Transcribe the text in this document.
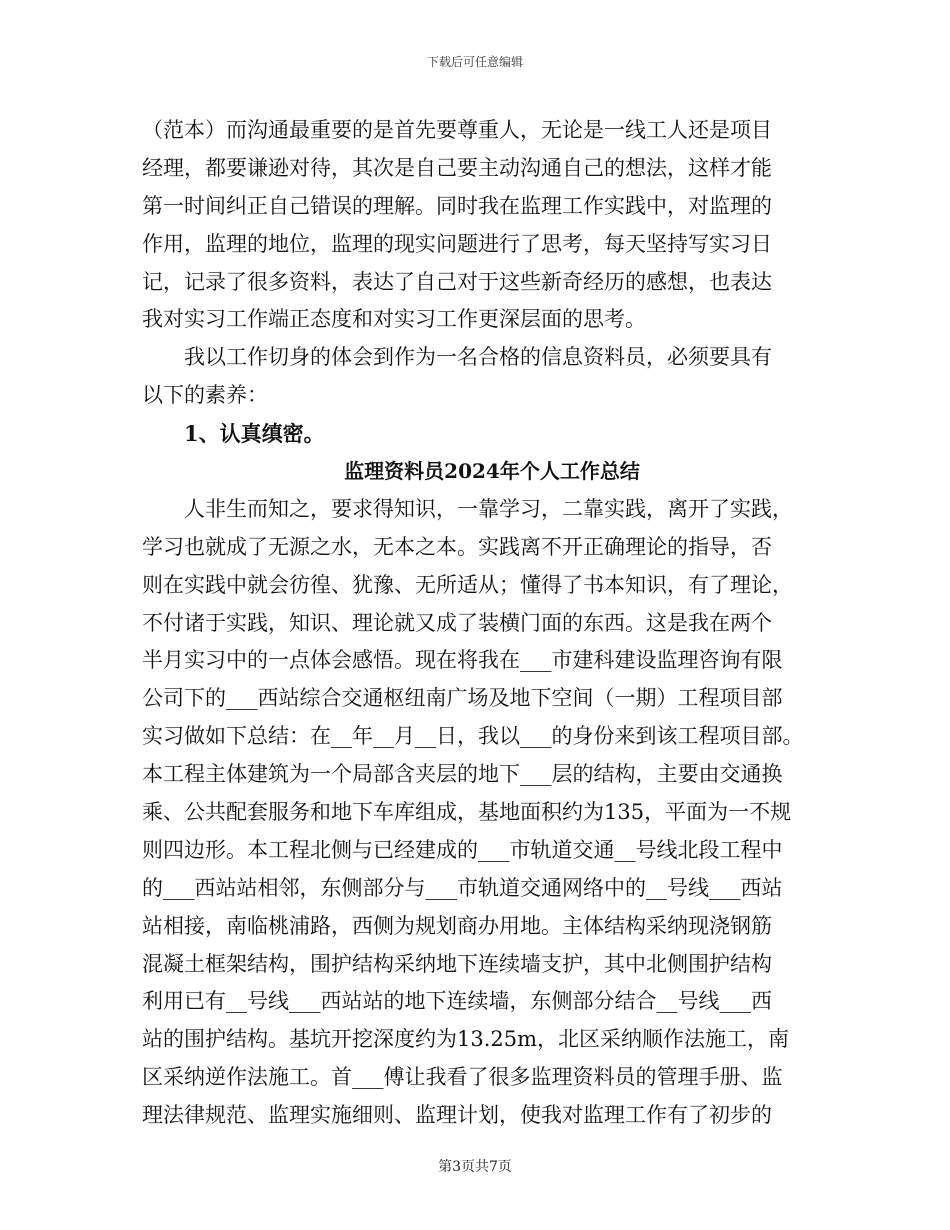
下载后可任意编辑
（范本）而沟通最重要的是首先要尊重人，无论是一线工人还是项目
经理，都要谦逊对待，其次是自己要主动沟通自己的想法，这样才能
第一时间纠正自己错误的理解。同时我在监理工作实践中，对监理的
作用，监理的地位，监理的现实问题进行了思考，每天坚持写实习日
记，记录了很多资料，表达了自己对于这些新奇经历的感想，也表达
我对实习工作端正态度和对实习工作更深层面的思考。
我以工作切身的体会到作为一名合格的信息资料员，必须要具有
以下的素养：
1、认真缜密。
监理资料员2024年个人工作总结
人非生而知之，要求得知识，一靠学习，二靠实践，离开了实践，
学习也就成了无源之水，无本之本。实践离不开正确理论的指导，否
则在实践中就会彷徨、犹豫、无所适从；懂得了书本知识，有了理论，
不付诸于实践，知识、理论就又成了装横门面的东西。这是我在两个
半月实习中的一点体会感悟。现在将我在___市建科建设监理咨询有限
公司下的___西站综合交通枢纽南广场及地下空间（一期）工程项目部
实习做如下总结：在__年__月__日，我以___的身份来到该工程项目部。
本工程主体建筑为一个局部含夹层的地下___层的结构，主要由交通换
乘、公共配套服务和地下车库组成，基地面积约为135，平面为一不规
则四边形。本工程北侧与已经建成的___市轨道交通__号线北段工程中
的___西站站相邻，东侧部分与___市轨道交通网络中的__号线___西站
站相接，南临桃浦路，西侧为规划商办用地。主体结构采纳现浇钢筋
混凝土框架结构，围护结构采纳地下连续墙支护，其中北侧围护结构
利用已有__号线___西站站的地下连续墙，东侧部分结合__号线___西
站的围护结构。基坑开挖深度约为13.25m，北区采纳顺作法施工，南
区采纳逆作法施工。首___傅让我看了很多监理资料员的管理手册、监
理法律规范、监理实施细则、监理计划，使我对监理工作有了初步的
第3页共7页
